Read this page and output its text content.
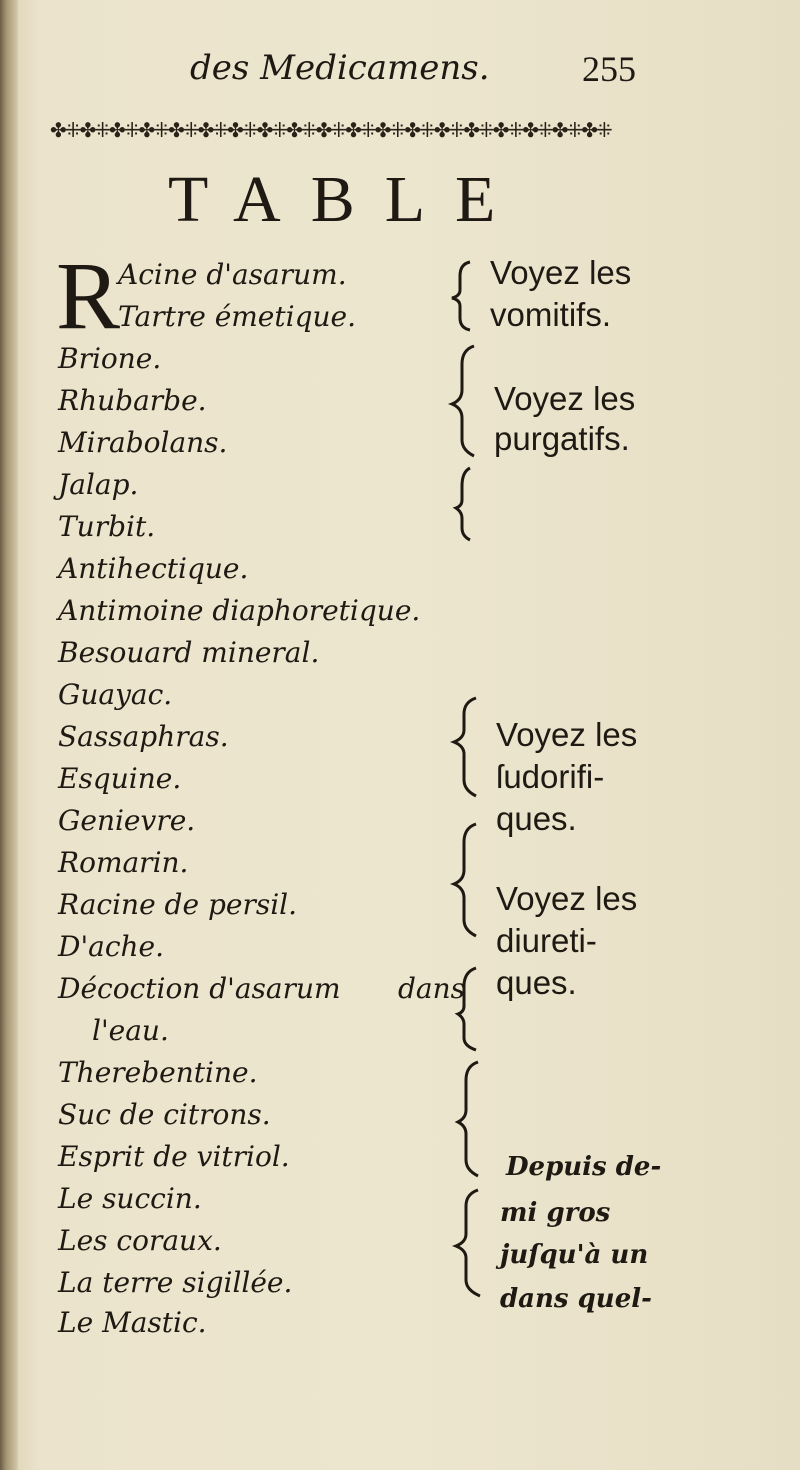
des Medicamens.	255
✤⁜✤⁜✤⁜✤⁜✤⁜✤⁜✤⁜✤⁜✤⁜✤⁜✤⁜✤⁜✤⁜✤⁜✤⁜✤⁜✤⁜✤⁜✤⁜
TABLE
R
Acine d'asarum.
Tartre émetique.
Brione.
Rhubarbe.
Mirabolans.
Jalap.
Turbit.
Antihectique.
Antimoine diaphoretique.
Besouard mineral.
Guayac.
Sassaphras.
Esquine.
Genievre.
Romarin.
Racine de persil.
D'ache.
Décoction d'asarum dans
l'eau.
Therebentine.
Suc de citrons.
Esprit de vitriol.
Le succin.
Les coraux.
La terre sigillée.
Le Mastic.
Voyez les
vomitifs.
Voyez les
purgatifs.
Voyez les
ſudorifi-
ques.
Voyez les
diureti-
ques.
Depuis de-
mi gros
juſqu'à un
dans quel-
